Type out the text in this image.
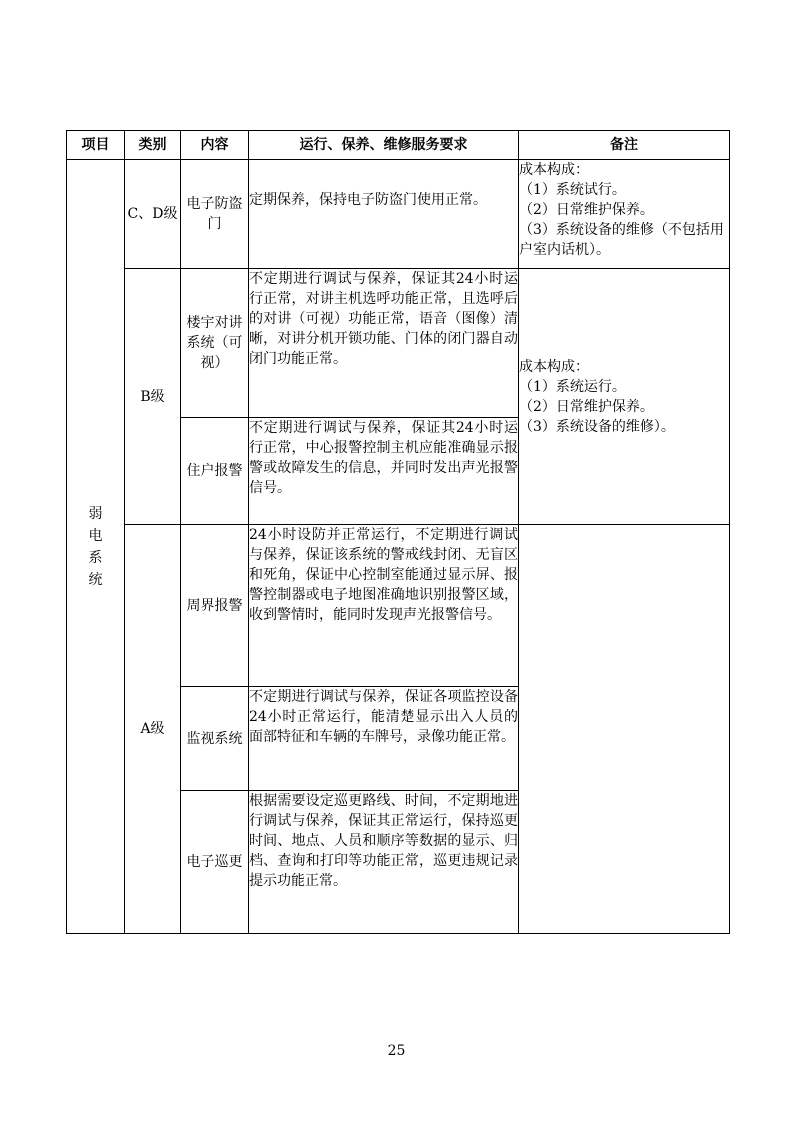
项目	类别	内容	运行、保养、维修服务要求	备注
弱电系统	C、D级	电子防盗门	定期保养，保持电子防盗门使用正常。	成本构成：
（1）系统试行。
（2）日常维护保养。
（3）系统设备的维修（不包括用户室内话机）。

	B级	楼宇对讲系统（可视）	不定期进行调试与保养，保证其24小时运行正常，对讲主机选呼功能正常，且选呼后的对讲（可视）功能正常，语音（图像）清晰，对讲分机开锁功能、门体的闭门器自动闭门功能正常。	成本构成：
（1）系统运行。
（2）日常维护保养。
（3）系统设备的维修）。

		住户报警	不定期进行调试与保养，保证其24小时运行正常，中心报警控制主机应能准确显示报警或故障发生的信息，并同时发出声光报警信号。	
	A级	周界报警	24小时设防并正常运行，不定期进行调试与保养，保证该系统的警戒线封闭、无盲区和死角，保证中心控制室能通过显示屏、报警控制器或电子地图准确地识别报警区域，收到警情时，能同时发现声光报警信号。	
		监视系统	不定期进行调试与保养，保证各项监控设备24小时正常运行，能清楚显示出入人员的面部特征和车辆的车牌号，录像功能正常。	
		电子巡更	根据需要设定巡更路线、时间，不定期地进行调试与保养，保证其正常运行，保持巡更时间、地点、人员和顺序等数据的显示、归档、查询和打印等功能正常，巡更违规记录提示功能正常。	
25
